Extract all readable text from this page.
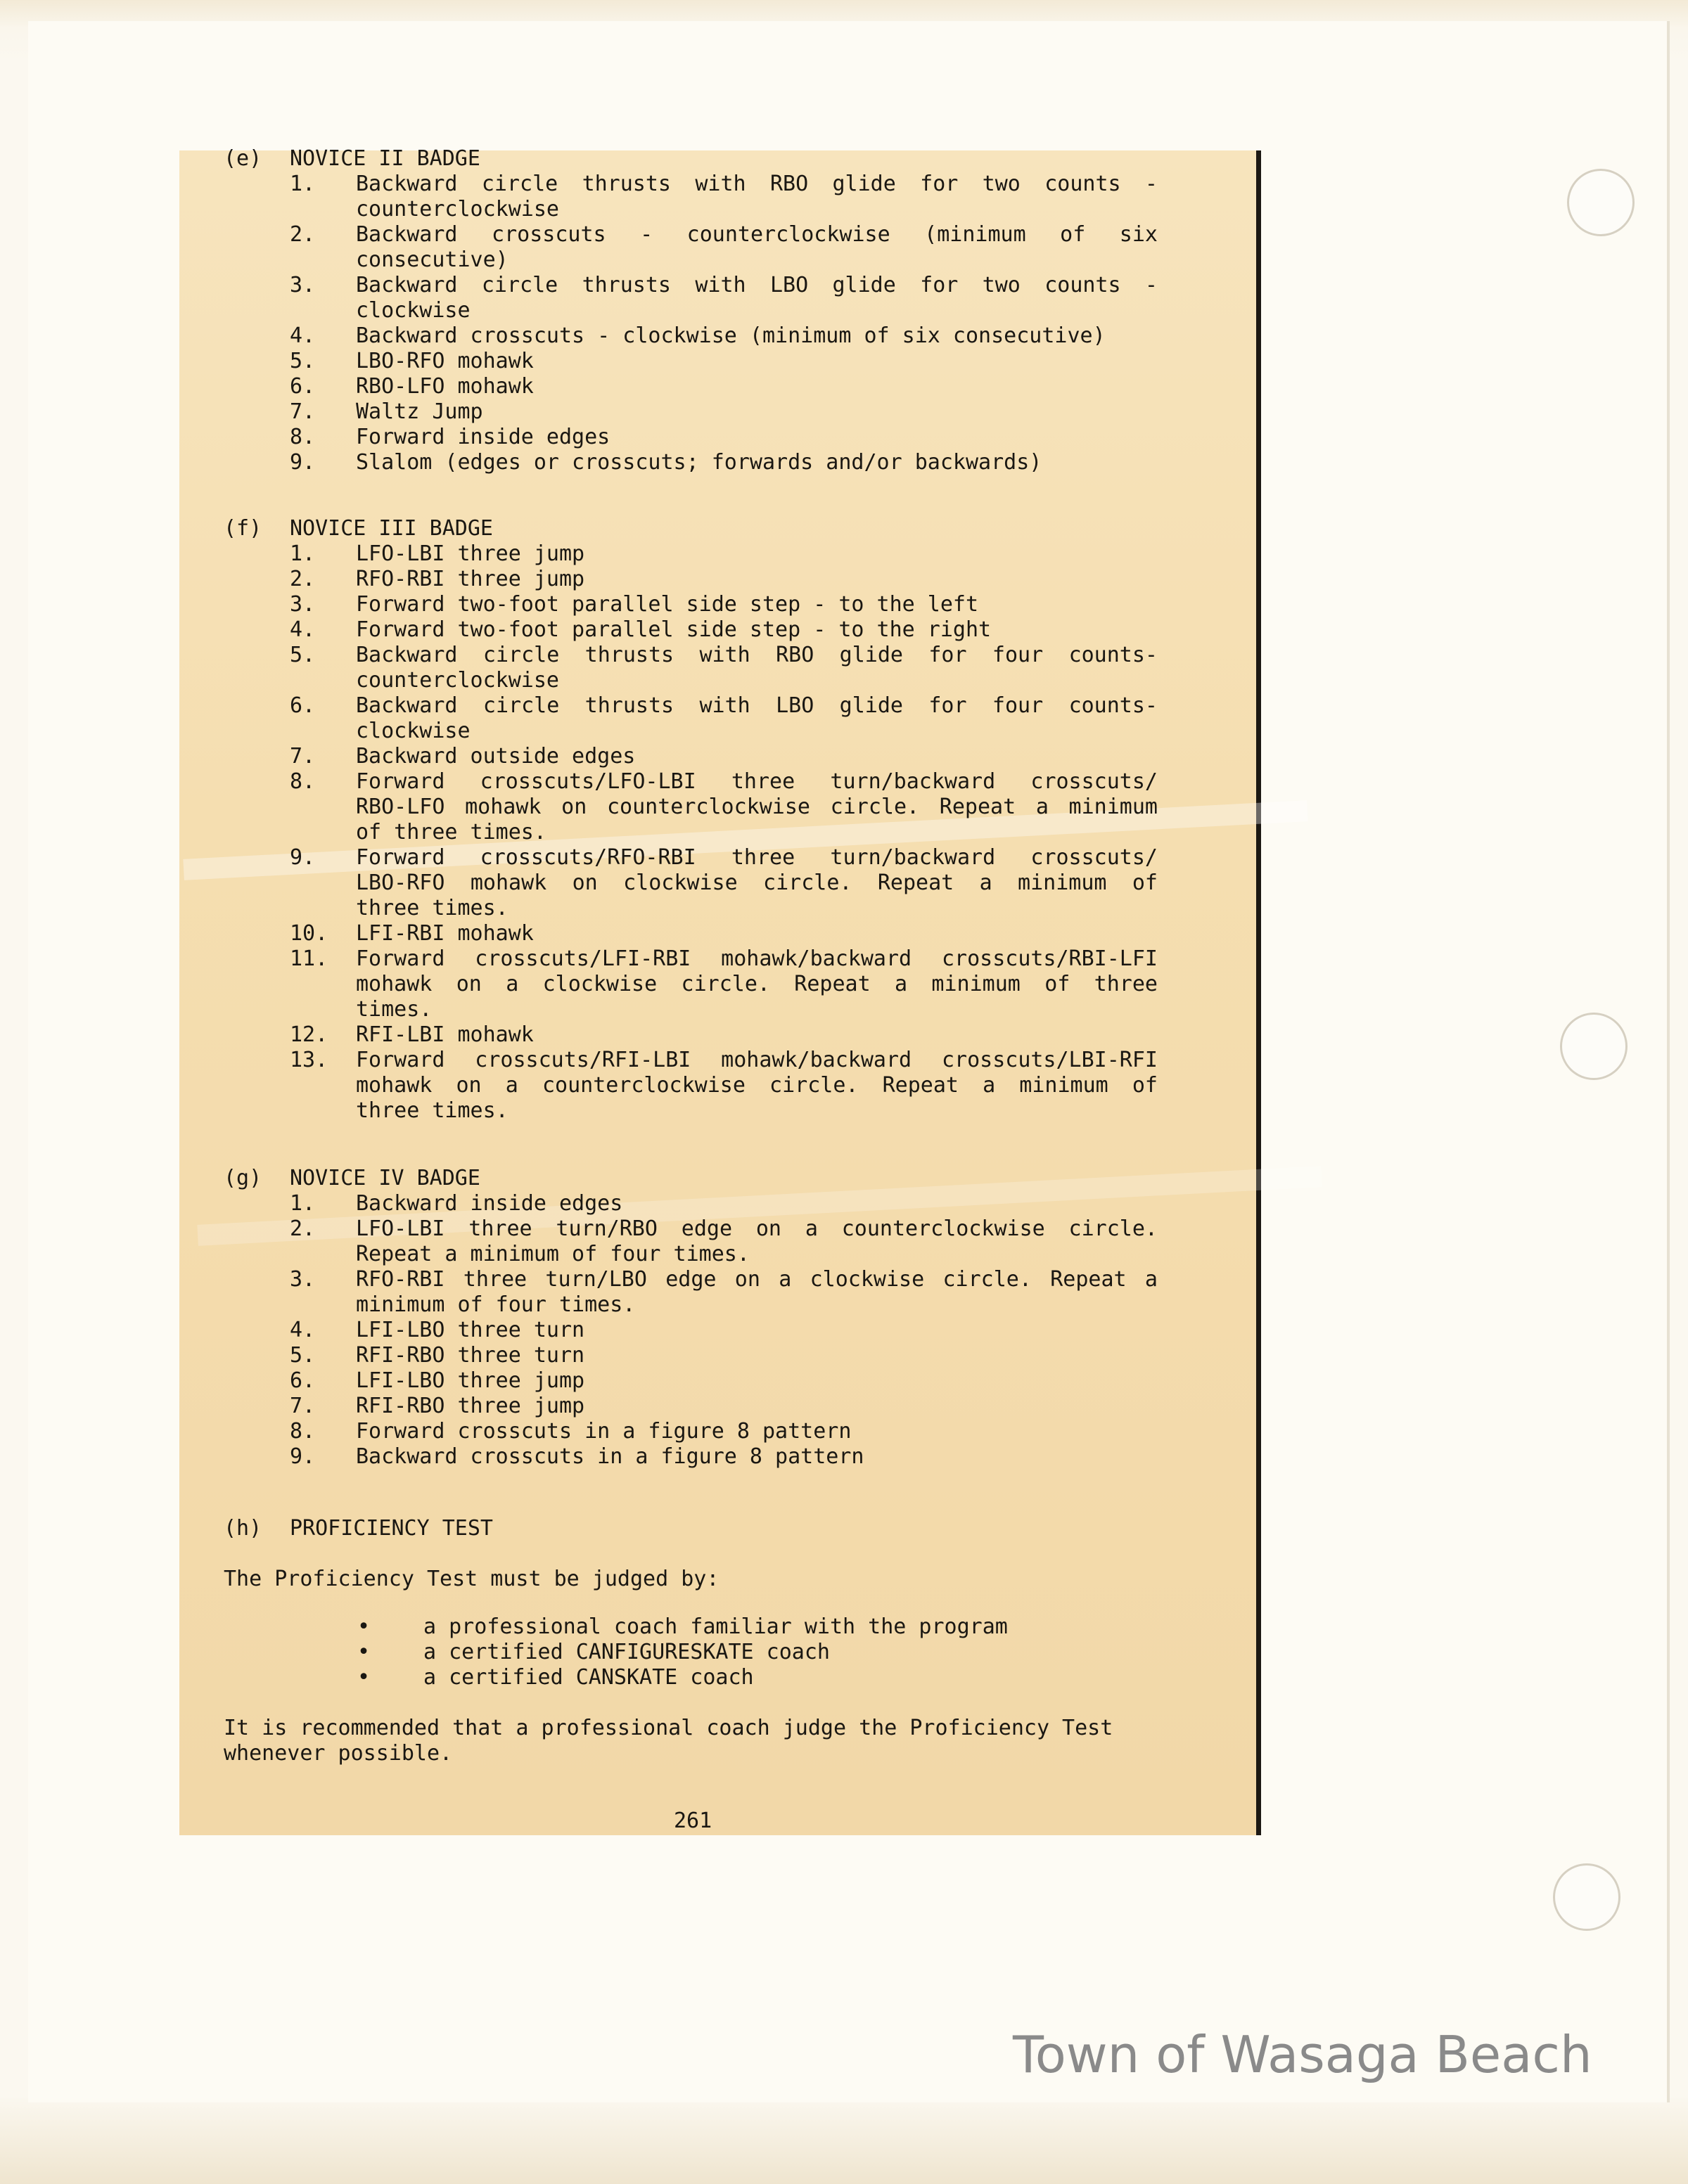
(e) NOVICE II BADGE
1.	Backward circle thrusts with RBO glide for two counts -
counterclockwise
2.	Backward crosscuts - counterclockwise (minimum of six
consecutive)
3.	Backward circle thrusts with LBO glide for two counts -
clockwise
4.	Backward crosscuts - clockwise (minimum of six consecutive)
5.	LBO-RFO mohawk
6.	RBO-LFO mohawk
7.	Waltz Jump
8.	Forward inside edges
9.	Slalom (edges or crosscuts; forwards and/or backwards)
(f) NOVICE III BADGE
1.	LFO-LBI three jump
2.	RFO-RBI three jump
3.	Forward two-foot parallel side step - to the left
4.	Forward two-foot parallel side step - to the right
5.	Backward circle thrusts with RBO glide for four counts-
counterclockwise
6.	Backward circle thrusts with LBO glide for four counts-
clockwise
7.	Backward outside edges
8.	Forward crosscuts/LFO-LBI three turn/backward crosscuts/
RBO-LFO mohawk on counterclockwise circle. Repeat a minimum
of three times.
9.	Forward crosscuts/RFO-RBI three turn/backward crosscuts/
LBO-RFO mohawk on clockwise circle. Repeat a minimum of
three times.
10.	LFI-RBI mohawk
11.	Forward crosscuts/LFI-RBI mohawk/backward crosscuts/RBI-LFI
mohawk on a clockwise circle. Repeat a minimum of three
times.
12.	RFI-LBI mohawk
13.	Forward crosscuts/RFI-LBI mohawk/backward crosscuts/LBI-RFI
mohawk on a counterclockwise circle. Repeat a minimum of
three times.
(g) NOVICE IV BADGE
1.	Backward inside edges
2.	LFO-LBI three turn/RBO edge on a counterclockwise circle.
Repeat a minimum of four times.
3.	RFO-RBI three turn/LBO edge on a clockwise circle. Repeat a
minimum of four times.
4.	LFI-LBO three turn
5.	RFI-RBO three turn
6.	LFI-LBO three jump
7.	RFI-RBO three jump
8.	Forward crosscuts in a figure 8 pattern
9.	Backward crosscuts in a figure 8 pattern
(h) PROFICIENCY TEST
The Proficiency Test must be judged by:
•	a professional coach familiar with the program
•	a certified CANFIGURESKATE coach
•	a certified CANSKATE coach
It is recommended that a professional coach judge the Proficiency Test
whenever possible.
261
Town of Wasaga Beach
